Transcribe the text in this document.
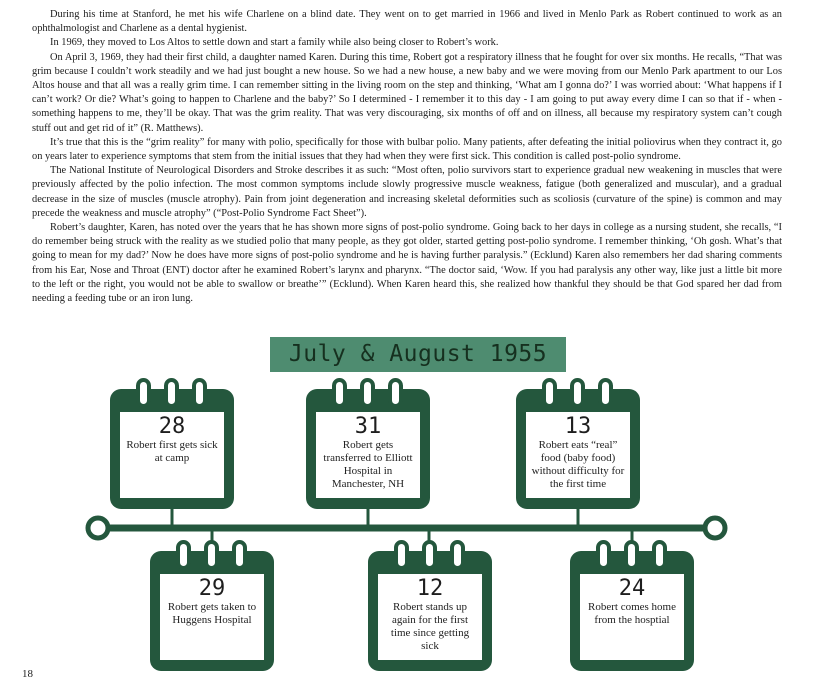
During his time at Stanford, he met his wife Charlene on a blind date. They went on to get married in 1966 and lived in Menlo Park as Robert continued to work as an ophthalmologist and Charlene as a dental hygienist.

In 1969, they moved to Los Altos to settle down and start a family while also being closer to Robert’s work.

On April 3, 1969, they had their first child, a daughter named Karen. During this time, Robert got a respiratory illness that he fought for over six months. He recalls, “That was grim because I couldn’t work steadily and we had just bought a new house. So we had a new house, a new baby and we were moving from our Menlo Park apartment to our Los Altos house and that all was a really grim time. I can remember sitting in the living room on the step and thinking, ‘What am I gonna do?’ I was worried about: ‘What happens if I can’t work? Or die? What’s going to happen to Charlene and the baby?’ So I determined - I remember it to this day - I am going to put away every dime I can so that if - when - something happens to me, they’ll be okay. That was the grim reality. That was very discouraging, six months of off and on illness, all because my respiratory system can’t cough stuff out and get rid of it” (R. Matthews).

It’s true that this is the “grim reality” for many with polio, specifically for those with bulbar polio. Many patients, after defeating the initial poliovirus when they contract it, go on years later to experience symptoms that stem from the initial issues that they had when they were first sick. This condition is called post-polio syndrome.

The National Institute of Neurological Disorders and Stroke describes it as such: “Most often, polio survivors start to experience gradual new weakening in muscles that were previously affected by the polio infection. The most common symptoms include slowly progressive muscle weakness, fatigue (both generalized and muscular), and a gradual decrease in the size of muscles (muscle atrophy). Pain from joint degeneration and increasing skeletal deformities such as scoliosis (curvature of the spine) is common and may precede the weakness and muscle atrophy” (“Post-Polio Syndrome Fact Sheet”).

Robert’s daughter, Karen, has noted over the years that he has shown more signs of post-polio syndrome. Going back to her days in college as a nursing student, she recalls, “I do remember being struck with the reality as we studied polio that many people, as they got older, started getting post-polio syndrome. I remember thinking, ‘Oh gosh. What’s that going to mean for my dad?’ Now he does have more signs of post-polio syndrome and he is having further paralysis.” (Ecklund) Karen also remembers her dad sharing comments from his Ear, Nose and Throat (ENT) doctor after he examined Robert’s larynx and pharynx. “The doctor said, ‘Wow. If you had paralysis any other way, like just a little bit more to the left or the right, you would not be able to swallow or breathe’” (Ecklund). When Karen heard this, she realized how thankful they should be that God spared her dad from needing a feeding tube or an iron lung.

July & August 1955
28
Robert first gets sick at camp
31
Robert gets transferred to Elliott Hospital in Manchester, NH
13
Robert eats “real” food (baby food) without difficulty for the first time
29
Robert gets taken to Huggens Hospital
12
Robert stands up again for the first time since getting sick
24
Robert comes home from the hosptial
18
